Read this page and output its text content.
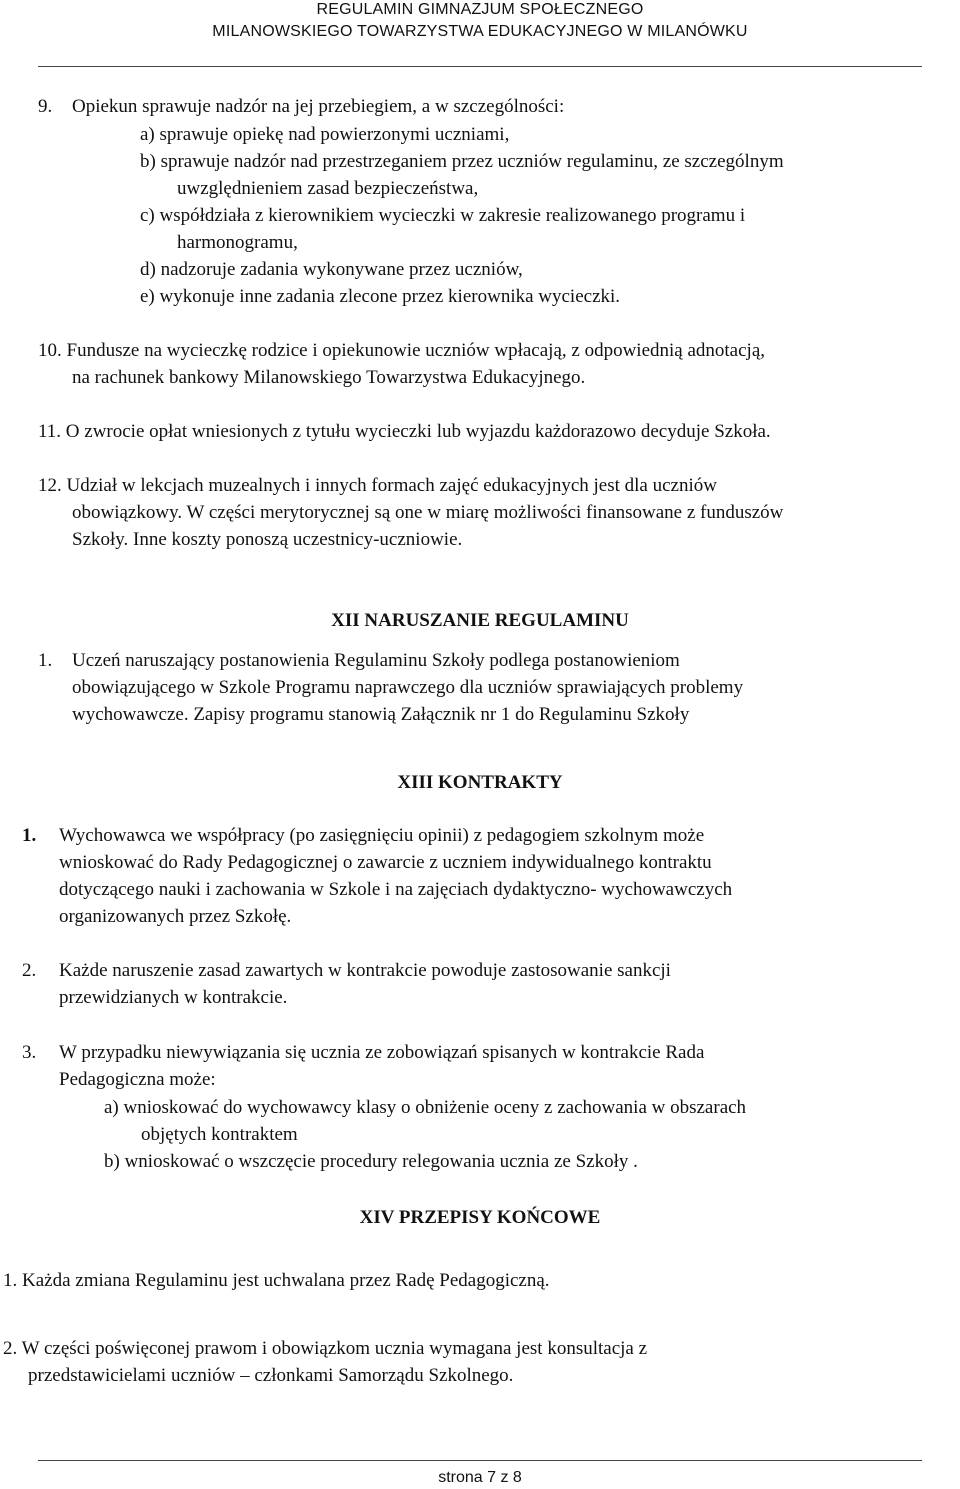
REGULAMIN GIMNAZJUM SPOŁECZNEGO
MILANOWSKIEGO TOWARZYSTWA EDUKACYJNEGO W MILANÓWKU
9. Opiekun sprawuje nadzór na jej przebiegiem, a w szczególności:
a) sprawuje opiekę nad powierzonymi uczniami,
b) sprawuje nadzór nad przestrzeganiem przez uczniów regulaminu, ze szczególnym
uwzględnieniem zasad bezpieczeństwa,
c) współdziała z kierownikiem wycieczki w zakresie realizowanego programu i
harmonogramu,
d) nadzoruje zadania wykonywane przez uczniów,
e) wykonuje inne zadania zlecone przez kierownika wycieczki.
10. Fundusze na wycieczkę rodzice i opiekunowie uczniów wpłacają, z odpowiednią adnotacją,
na rachunek bankowy Milanowskiego Towarzystwa Edukacyjnego.
11. O zwrocie opłat wniesionych z tytułu wycieczki lub wyjazdu każdorazowo decyduje Szkoła.
12. Udział w lekcjach muzealnych i innych formach zajęć edukacyjnych jest dla uczniów
obowiązkowy. W części merytorycznej są one w miarę możliwości finansowane z funduszów
Szkoły. Inne koszty ponoszą uczestnicy-uczniowie.
XII NARUSZANIE REGULAMINU
1. Uczeń naruszający postanowienia Regulaminu Szkoły podlega postanowieniom
obowiązującego w Szkole Programu naprawczego dla uczniów sprawiających problemy
wychowawcze. Zapisy programu stanowią Załącznik nr 1 do Regulaminu Szkoły
XIII KONTRAKTY
1. Wychowawca we współpracy (po zasięgnięciu opinii) z pedagogiem szkolnym może
wnioskować do Rady Pedagogicznej o zawarcie z uczniem indywidualnego kontraktu
dotyczącego nauki i zachowania w Szkole i na zajęciach dydaktyczno- wychowawczych
organizowanych przez Szkołę.
2. Każde naruszenie zasad zawartych w kontrakcie powoduje zastosowanie sankcji
przewidzianych w kontrakcie.
3. W przypadku niewywiązania się ucznia ze zobowiązań spisanych w kontrakcie Rada
Pedagogiczna może:
a) wnioskować do wychowawcy klasy o obniżenie oceny z zachowania w obszarach
objętych kontraktem
b) wnioskować o wszczęcie procedury relegowania ucznia ze Szkoły .
XIV PRZEPISY KOŃCOWE
1. Każda zmiana Regulaminu jest uchwalana przez Radę Pedagogiczną.
2. W części poświęconej prawom i obowiązkom ucznia wymagana jest konsultacja z
przedstawicielami uczniów – członkami Samorządu Szkolnego.
strona 7 z 8
